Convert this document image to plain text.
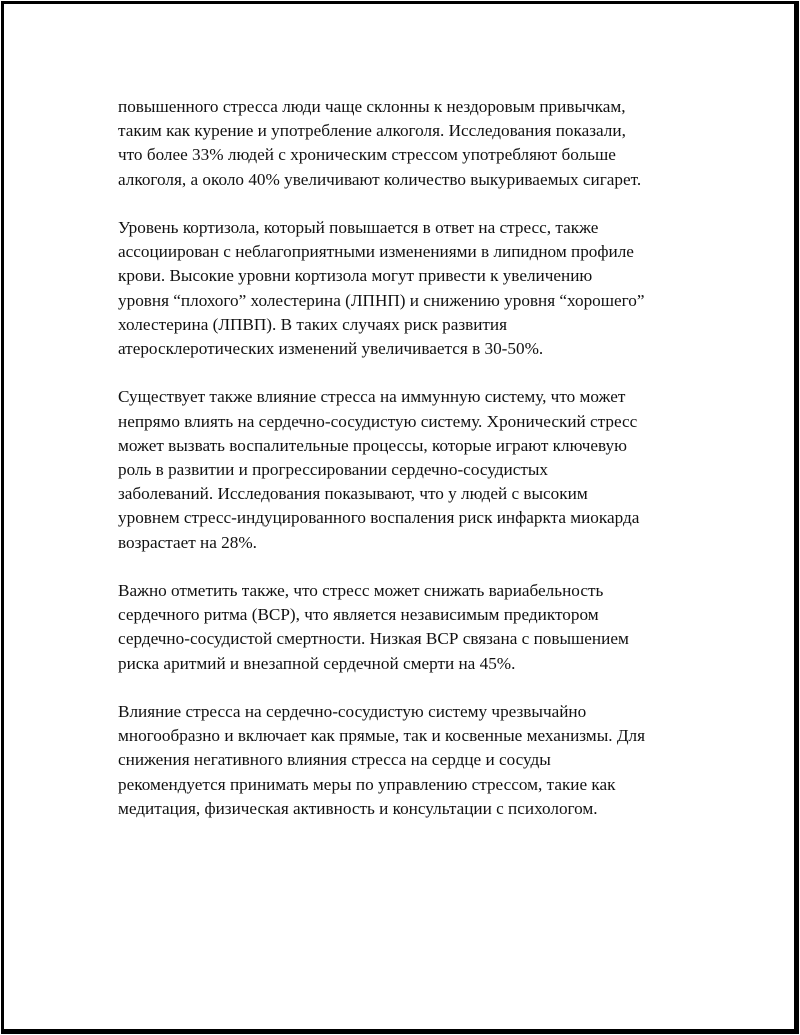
повышенного стресса люди чаще склонны к нездоровым привычкам,
таким как курение и употребление алкоголя. Исследования показали,
что более 33% людей с хроническим стрессом употребляют больше
алкоголя, а около 40% увеличивают количество выкуриваемых сигарет.

Уровень кортизола, который повышается в ответ на стресс, также
ассоциирован с неблагоприятными изменениями в липидном профиле
крови. Высокие уровни кортизола могут привести к увеличению
уровня “плохого” холестерина (ЛПНП) и снижению уровня “хорошего”
холестерина (ЛПВП). В таких случаях риск развития
атеросклеротических изменений увеличивается в 30-50%.

Существует также влияние стресса на иммунную систему, что может
непрямо влиять на сердечно-сосудистую систему. Хронический стресс
может вызвать воспалительные процессы, которые играют ключевую
роль в развитии и прогрессировании сердечно-сосудистых
заболеваний. Исследования показывают, что у людей с высоким
уровнем стресс-индуцированного воспаления риск инфаркта миокарда
возрастает на 28%.

Важно отметить также, что стресс может снижать вариабельность
сердечного ритма (ВСР), что является независимым предиктором
сердечно-сосудистой смертности. Низкая ВСР связана с повышением
риска аритмий и внезапной сердечной смерти на 45%.

Влияние стресса на сердечно-сосудистую систему чрезвычайно
многообразно и включает как прямые, так и косвенные механизмы. Для
снижения негативного влияния стресса на сердце и сосуды
рекомендуется принимать меры по управлению стрессом, такие как
медитация, физическая активность и консультации с психологом.
